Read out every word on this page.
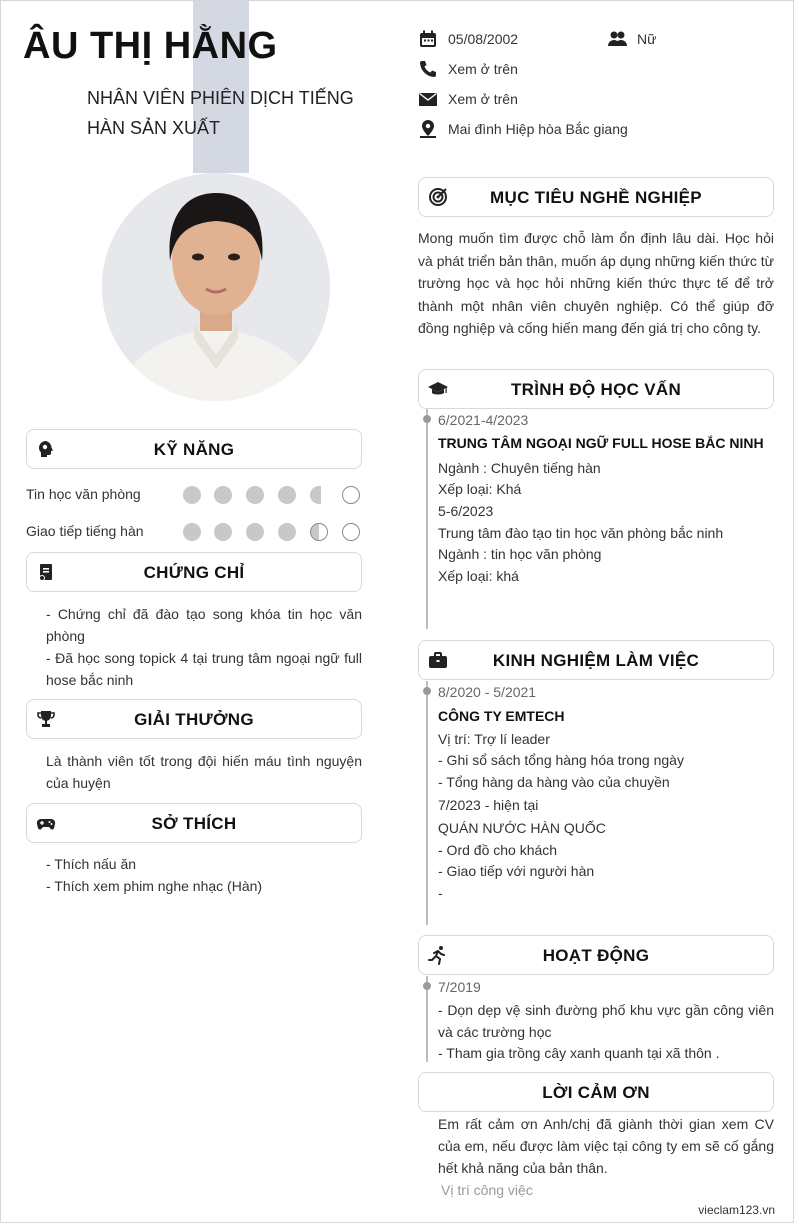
ÂU THỊ HẰNG
NHÂN VIÊN PHIÊN DỊCH TIẾNG HÀN SẢN XUẤT
KỸ NĂNG
Tin học văn phòng
Giao tiếp tiếng hàn
CHỨNG CHỈ
- Chứng chỉ đã đào tạo song khóa tin học văn phòng
- Đã học song topick 4 tại trung tâm ngoại ngữ full hose bắc ninh
GIẢI THƯỞNG
Là thành viên tốt trong đội hiến máu tình nguyện của huyện
SỞ THÍCH
- Thích nấu ăn
- Thích xem phim nghe nhạc (Hàn)
05/08/2002	Nữ
Xem ở trên
Xem ở trên
Mai đình Hiệp hòa Bắc giang
MỤC TIÊU NGHỀ NGHIỆP
Mong muốn tìm được chỗ làm ổn định lâu dài. Học hỏi và phát triển bản thân, muốn áp dụng những kiến thức từ trường học và học hỏi những kiến thức thực tế để trở thành một nhân viên chuyên nghiệp. Có thể giúp đỡ đồng nghiệp và cống hiến mang đến giá trị cho công ty.
TRÌNH ĐỘ HỌC VẤN
6/2021-4/2023
TRUNG TÂM NGOẠI NGỮ FULL HOSE BẮC NINH
Ngành : Chuyên tiếng hàn
Xếp loại: Khá
5-6/2023
Trung tâm đào tạo tin học văn phòng bắc ninh
Ngành : tin học văn phòng
Xếp loại: khá
KINH NGHIỆM LÀM VIỆC
8/2020 - 5/2021
CÔNG TY EMTECH
Vị trí: Trợ lí leader
- Ghi sổ sách tổng hàng hóa trong ngày
- Tổng hàng da hàng vào của chuyền
7/2023 - hiện tại
QUÁN NƯỚC HÀN QUỐC
- Ord đồ cho khách
- Giao tiếp với người hàn
-
HOẠT ĐỘNG
7/2019
- Dọn dẹp vệ sinh đường phố khu vực gần công viên và các trường học
- Tham gia trồng cây xanh quanh tại xã thôn .
LỜI CẢM ƠN
Em rất cảm ơn Anh/chị đã giành thời gian xem CV của em, nếu được làm việc tại công ty em sẽ cố gắng hết khả năng của bản thân.
Vị trí công việc
vieclam123.vn
